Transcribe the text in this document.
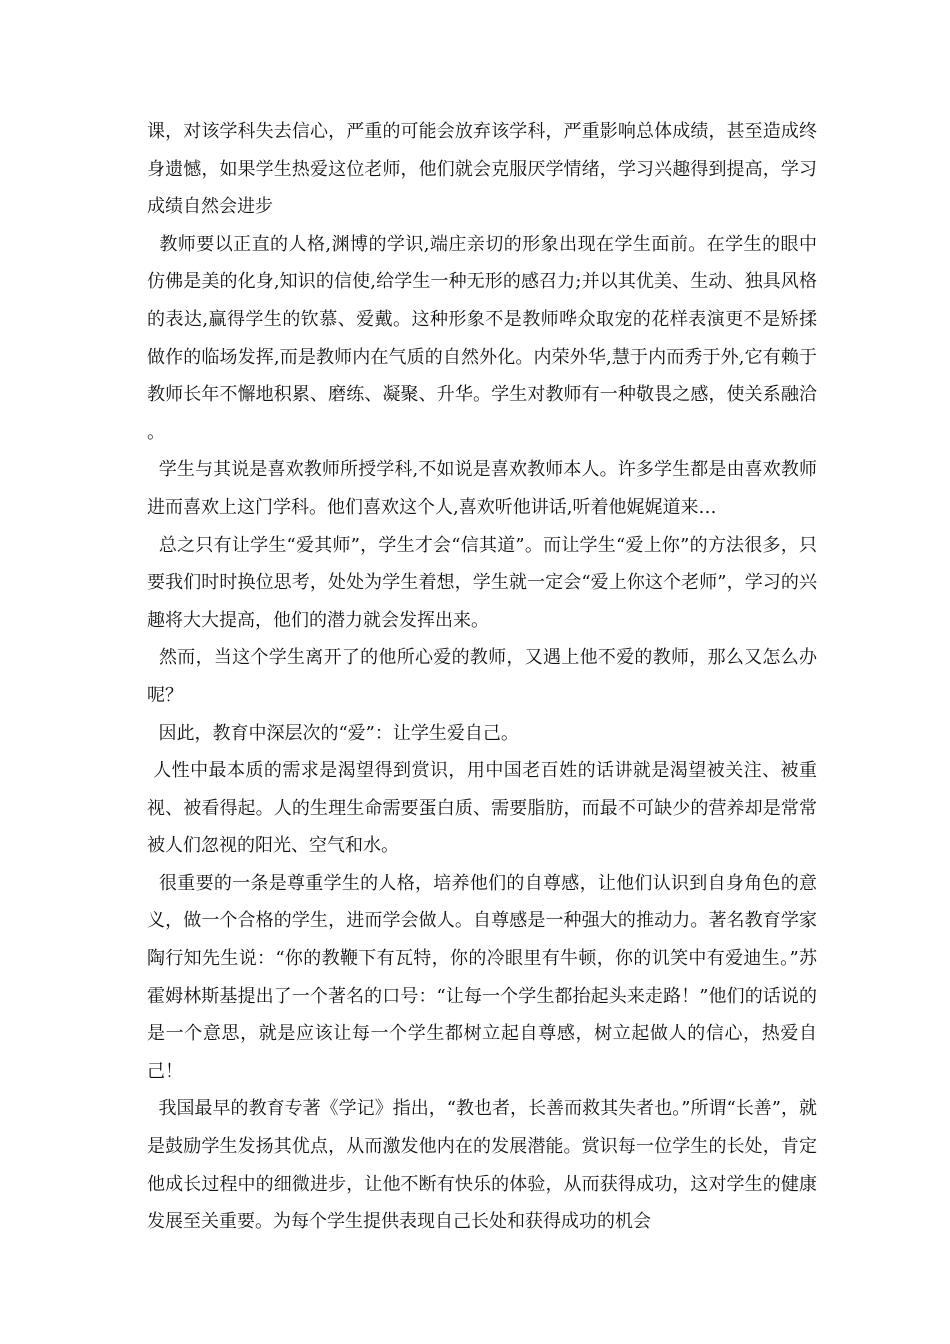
课，对该学科失去信心，严重的可能会放弃该学科，严重影响总体成绩，甚至造成终身遗憾，如果学生热爱这位老师，他们就会克服厌学情绪，学习兴趣得到提高，学习成绩自然会进步

教师要以正直的人格,渊博的学识,端庄亲切的形象出现在学生面前。在学生的眼中仿佛是美的化身,知识的信使,给学生一种无形的感召力;并以其优美、生动、独具风格的表达,赢得学生的钦慕、爱戴。这种形象不是教师哗众取宠的花样表演更不是矫揉做作的临场发挥,而是教师内在气质的自然外化。内荣外华,慧于内而秀于外,它有赖于教师长年不懈地积累、磨练、凝聚、升华。学生对教师有一种敬畏之感，使关系融洽 。

学生与其说是喜欢教师所授学科,不如说是喜欢教师本人。许多学生都是由喜欢教师进而喜欢上这门学科。他们喜欢这个人,喜欢听他讲话,听着他娓娓道来…

总之只有让学生“爱其师”，学生才会“信其道”。而让学生“爱上你”的方法很多，只要我们时时换位思考，处处为学生着想，学生就一定会“爱上你这个老师”，学习的兴趣将大大提高，他们的潜力就会发挥出来。

然而，当这个学生离开了的他所心爱的教师，又遇上他不爱的教师，那么又怎么办呢？

因此，教育中深层次的“爱”：让学生爱自己。

人性中最本质的需求是渴望得到赏识，用中国老百姓的话讲就是渴望被关注、被重视、被看得起。人的生理生命需要蛋白质、需要脂肪，而最不可缺少的营养却是常常被人们忽视的阳光、空气和水。

很重要的一条是尊重学生的人格，培养他们的自尊感，让他们认识到自身角色的意义，做一个合格的学生，进而学会做人。自尊感是一种强大的推动力。著名教育学家陶行知先生说：“你的教鞭下有瓦特，你的冷眼里有牛顿，你的讥笑中有爱迪生。”苏霍姆林斯基提出了一个著名的口号：“让每一个学生都抬起头来走路！”他们的话说的是一个意思，就是应该让每一个学生都树立起自尊感，树立起做人的信心，热爱自己！

我国最早的教育专著《学记》指出，“教也者，长善而救其失者也。”所谓“长善”，就是鼓励学生发扬其优点，从而激发他内在的发展潜能。赏识每一位学生的长处，肯定他成长过程中的细微进步，让他不断有快乐的体验，从而获得成功，这对学生的健康发展至关重要。为每个学生提供表现自己长处和获得成功的机会
